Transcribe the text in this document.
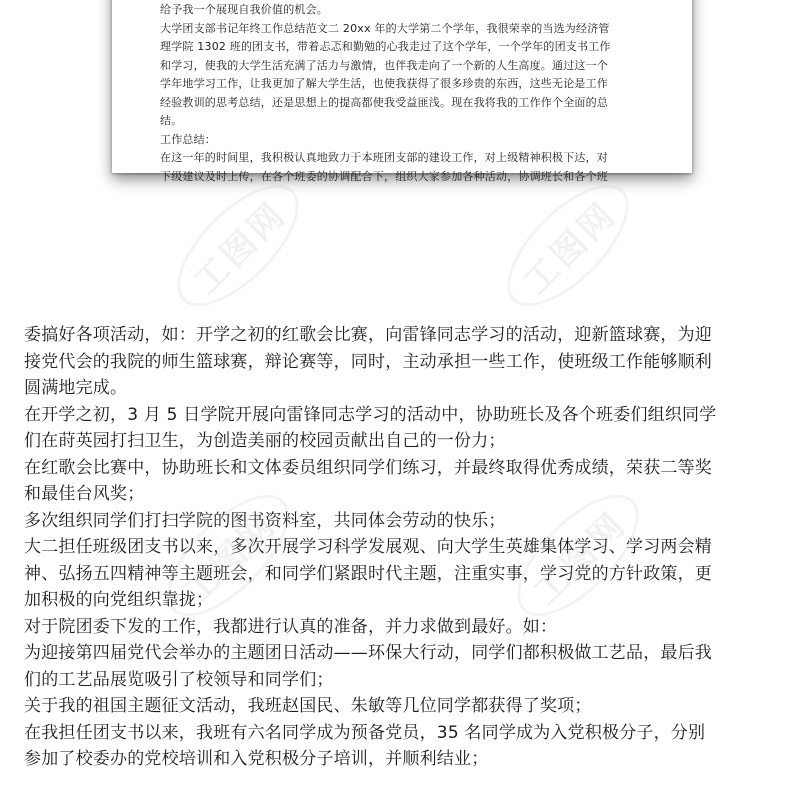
给予我一个展现自我价值的机会。
大学团支部书记年终工作总结范文二 20xx 年的大学第二个学年，我很荣幸的当选为经济管
理学院 1302 班的团支书，带着忐忑和勤勉的心我走过了这个学年，一个学年的团支书工作
和学习，使我的大学生活充满了活力与激情，也伴我走向了一个新的人生高度。通过这一个
学年地学习工作，让我更加了解大学生活，也使我获得了很多珍贵的东西，这些无论是工作
经验教训的思考总结，还是思想上的提高都使我受益匪浅。现在我将我的工作作个全面的总
结。
工作总结：
在这一年的时间里，我积极认真地致力于本班团支部的建设工作，对上级精神积极下达，对
下级建议及时上传，在各个班委的协调配合下，组织大家参加各种活动，协调班长和各个班
工图网	工图网
委搞好各项活动，如：开学之初的红歌会比赛，向雷锋同志学习的活动，迎新篮球赛，为迎
接党代会的我院的师生篮球赛，辩论赛等，同时，主动承担一些工作，使班级工作能够顺利
圆满地完成。
在开学之初，3 月 5 日学院开展向雷锋同志学习的活动中，协助班长及各个班委们组织同学
们在莳英园打扫卫生，为创造美丽的校园贡献出自己的一份力；
在红歌会比赛中，协助班长和文体委员组织同学们练习，并最终取得优秀成绩，荣获二等奖
和最佳台风奖；
多次组织同学们打扫学院的图书资料室，共同体会劳动的快乐；
大二担任班级团支书以来，多次开展学习科学发展观、向大学生英雄集体学习、学习两会精
神、弘扬五四精神等主题班会，和同学们紧跟时代主题，注重实事，学习党的方针政策，更
加积极的向党组织靠拢；
对于院团委下发的工作，我都进行认真的准备，并力求做到最好。如：
为迎接第四届党代会举办的主题团日活动——环保大行动，同学们都积极做工艺品，最后我
们的工艺品展览吸引了校领导和同学们；
关于我的祖国主题征文活动，我班赵国民、朱敏等几位同学都获得了奖项；
在我担任团支书以来，我班有六名同学成为预备党员，35 名同学成为入党积极分子，分别
参加了校委办的党校培训和入党积极分子培训，并顺利结业；
工图网	工图网
